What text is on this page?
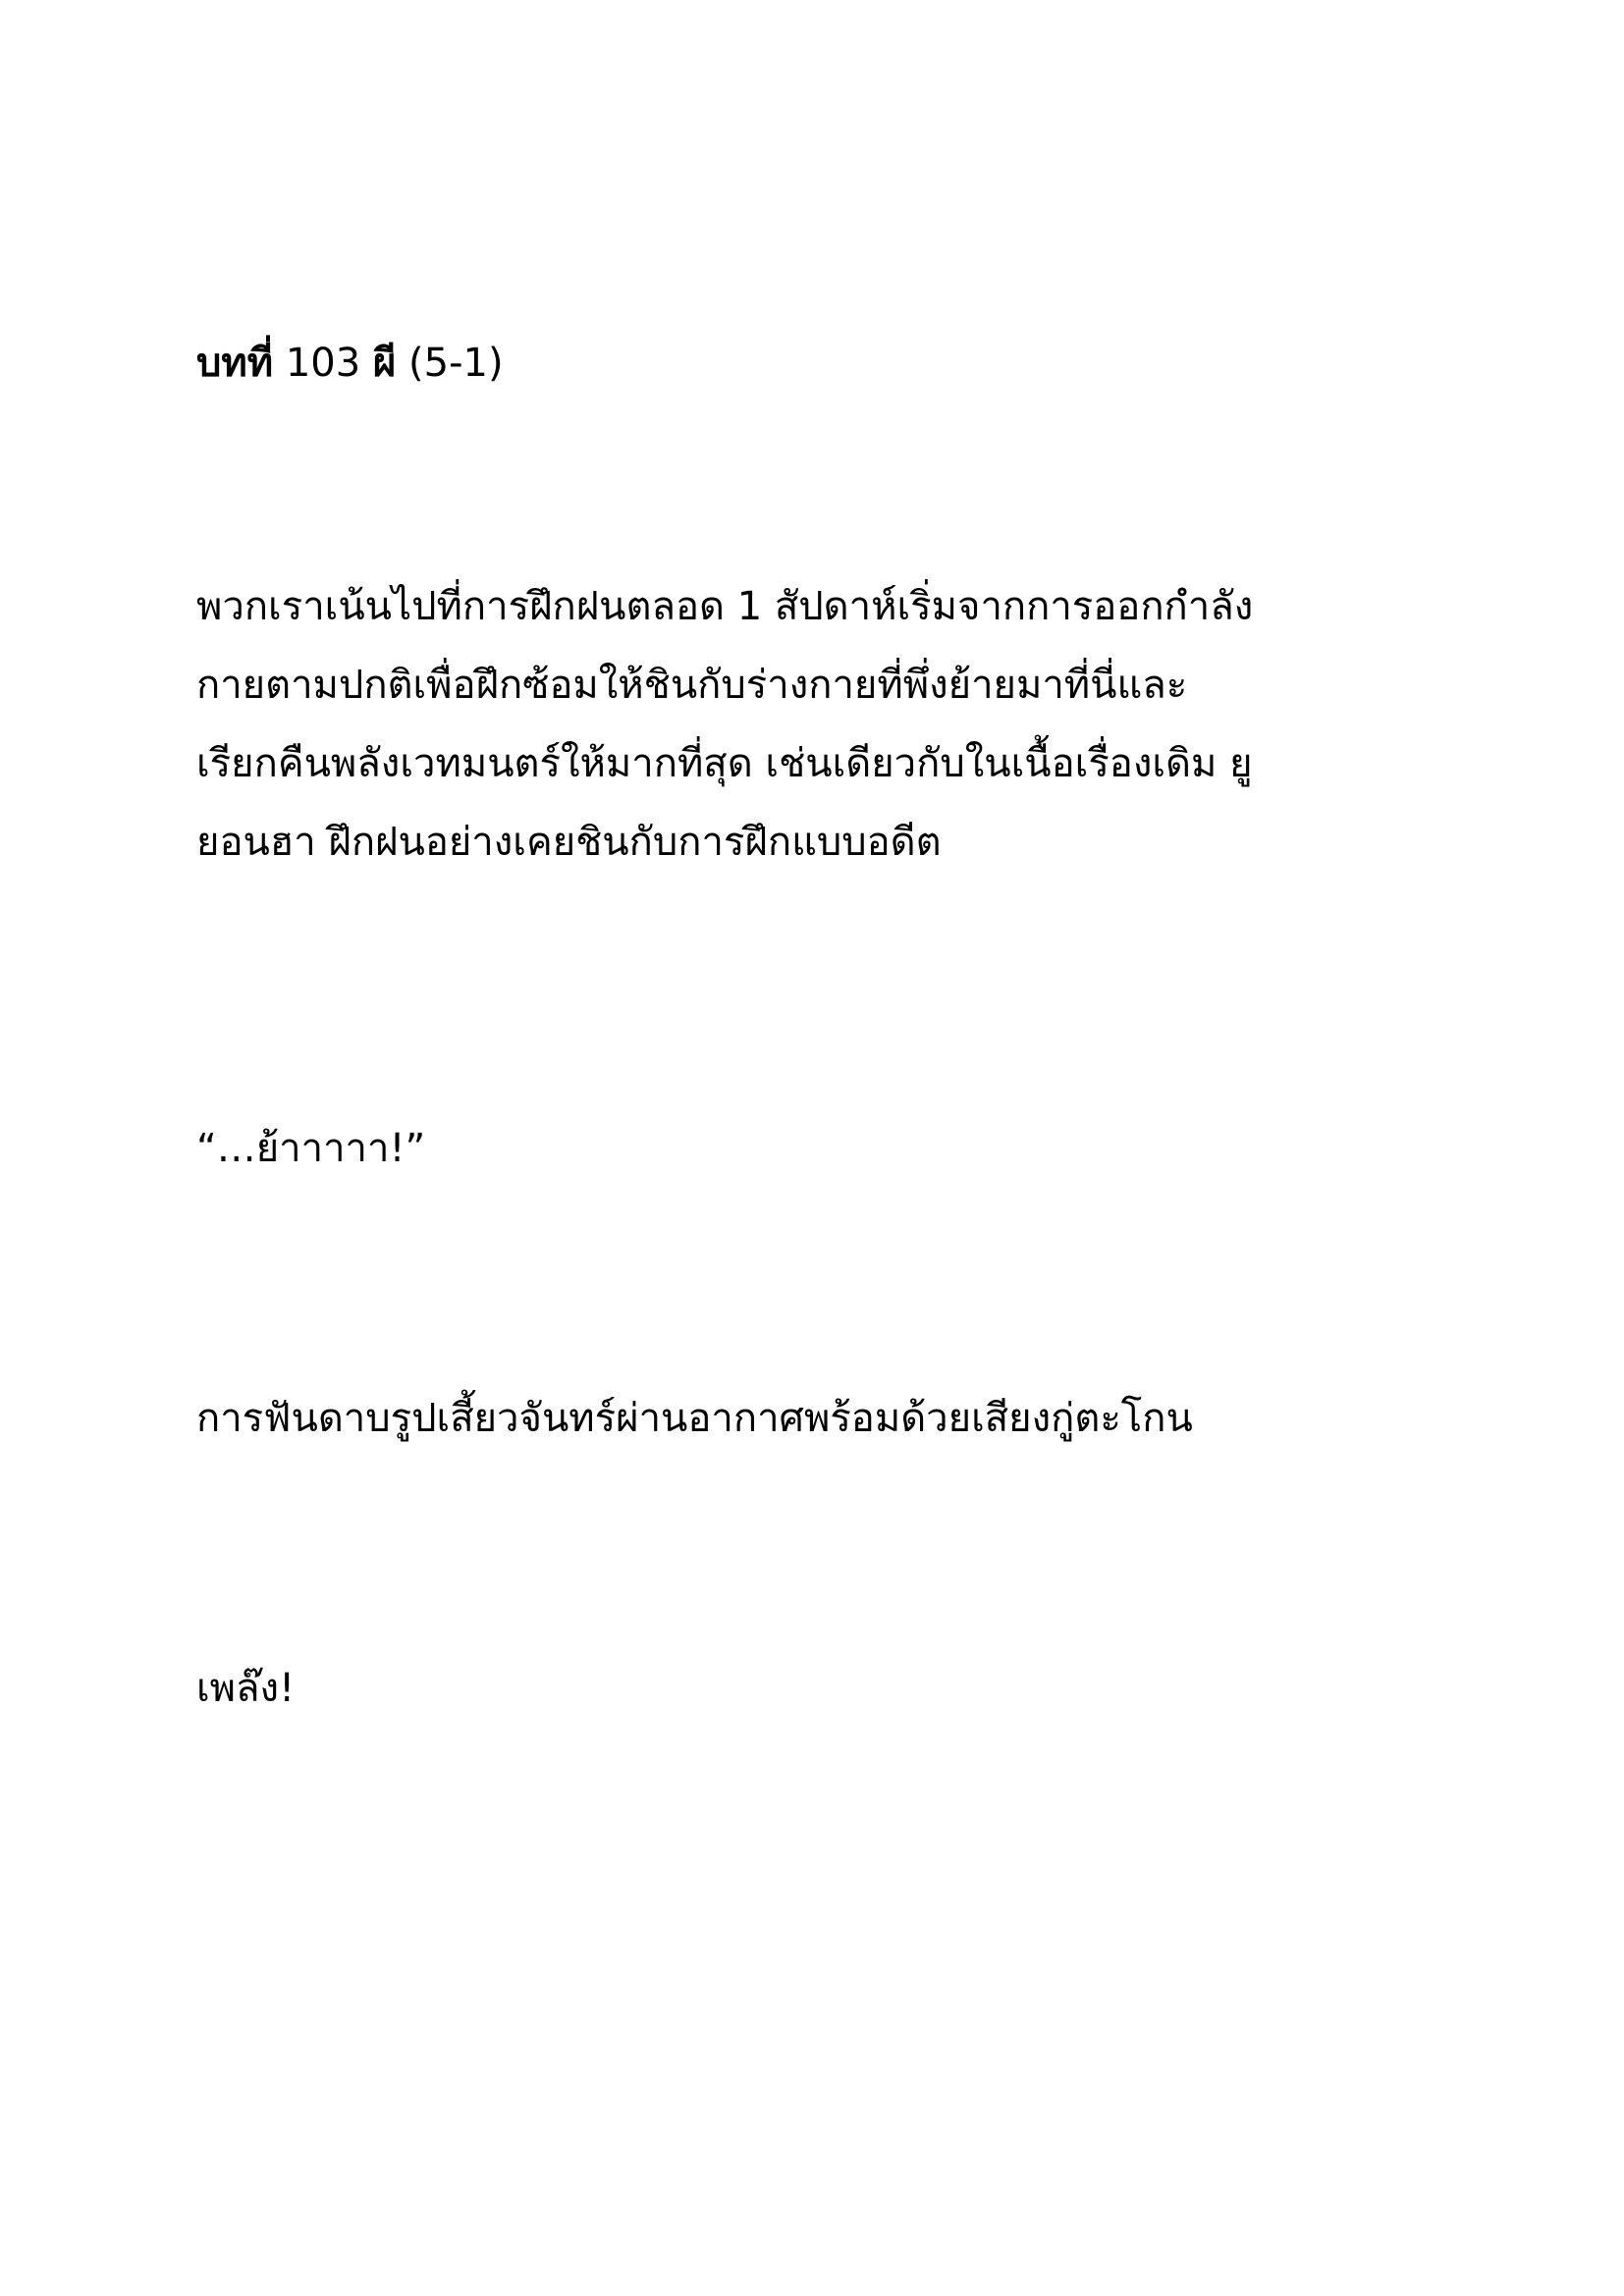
บทที่ 103 ผี (5-1)
พวกเราเน้นไปที่การฝึกฝนตลอด 1 สัปดาห์เริ่มจากการออกกำลัง
กายตามปกติเพื่อฝึกซ้อมให้ชินกับร่างกายที่พึ่งย้ายมาที่นี่และ
เรียกคืนพลังเวทมนตร์ให้มากที่สุด เช่นเดียวกับในเนื้อเรื่องเดิม ยู
ยอนฮา ฝึกฝนอย่างเคยชินกับการฝึกแบบอดีต
“…ย้าาาาา!”
การฟันดาบรูปเสี้ยวจันทร์ผ่านอากาศพร้อมด้วยเสียงกู่ตะโกน
เพล๊ง!
